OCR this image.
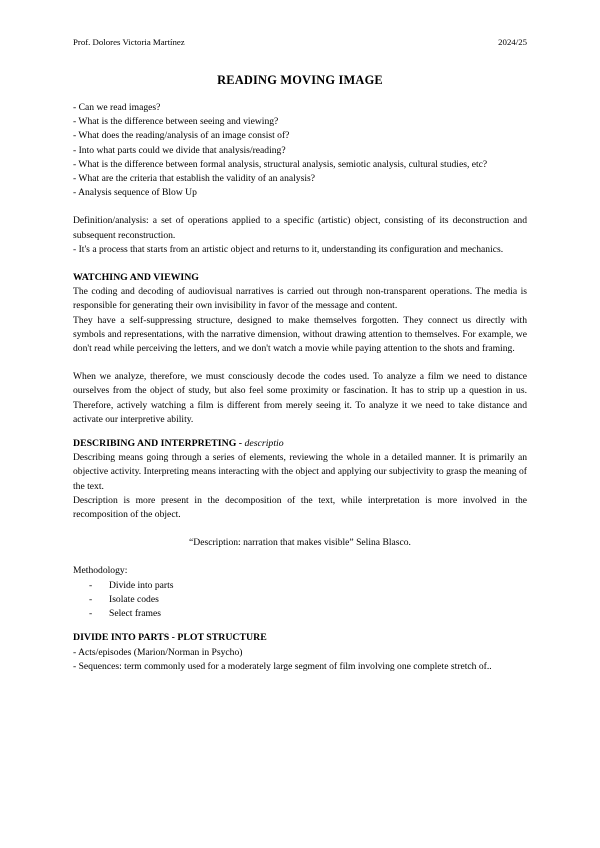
Prof. Dolores Victoria Martínez	2024/25
READING MOVING IMAGE

- Can we read images?

- What is the difference between seeing and viewing?

- What does the reading/analysis of an image consist of?

- Into what parts could we divide that analysis/reading?

- What is the difference between formal analysis, structural analysis, semiotic analysis, cultural studies, etc?

- What are the criteria that establish the validity of an analysis?

- Analysis sequence of Blow Up

Definition/analysis: a set of operations applied to a specific (artistic) object, consisting of its deconstruction and subsequent reconstruction.

- It's a process that starts from an artistic object and returns to it, understanding its configuration and mechanics.

WATCHING AND VIEWING

The coding and decoding of audiovisual narratives is carried out through non-transparent operations. The media is responsible for generating their own invisibility in favor of the message and content.

They have a self-suppressing structure, designed to make themselves forgotten. They connect us directly with symbols and representations, with the narrative dimension, without drawing attention to themselves. For example, we don't read while perceiving the letters, and we don't watch a movie while paying attention to the shots and framing.

When we analyze, therefore, we must consciously decode the codes used. To analyze a film we need to distance ourselves from the object of study, but also feel some proximity or fascination. It has to strip up a question in us. Therefore, actively watching a film is different from merely seeing it. To analyze it we need to take distance and activate our interpretive ability.

DESCRIBING AND INTERPRETING - descriptio

Describing means going through a series of elements, reviewing the whole in a detailed manner. It is primarily an objective activity. Interpreting means interacting with the object and applying our subjectivity to grasp the meaning of the text.

Description is more present in the decomposition of the text, while interpretation is more involved in the recomposition of the object.

“Description: narration that makes visible” Selina Blasco.

Methodology:

-	Divide into parts
-	Isolate codes
-	Select frames
DIVIDE INTO PARTS - PLOT STRUCTURE

- Acts/episodes (Marion/Norman in Psycho)

- Sequences: term commonly used for a moderately large segment of film involving one complete stretch of..
